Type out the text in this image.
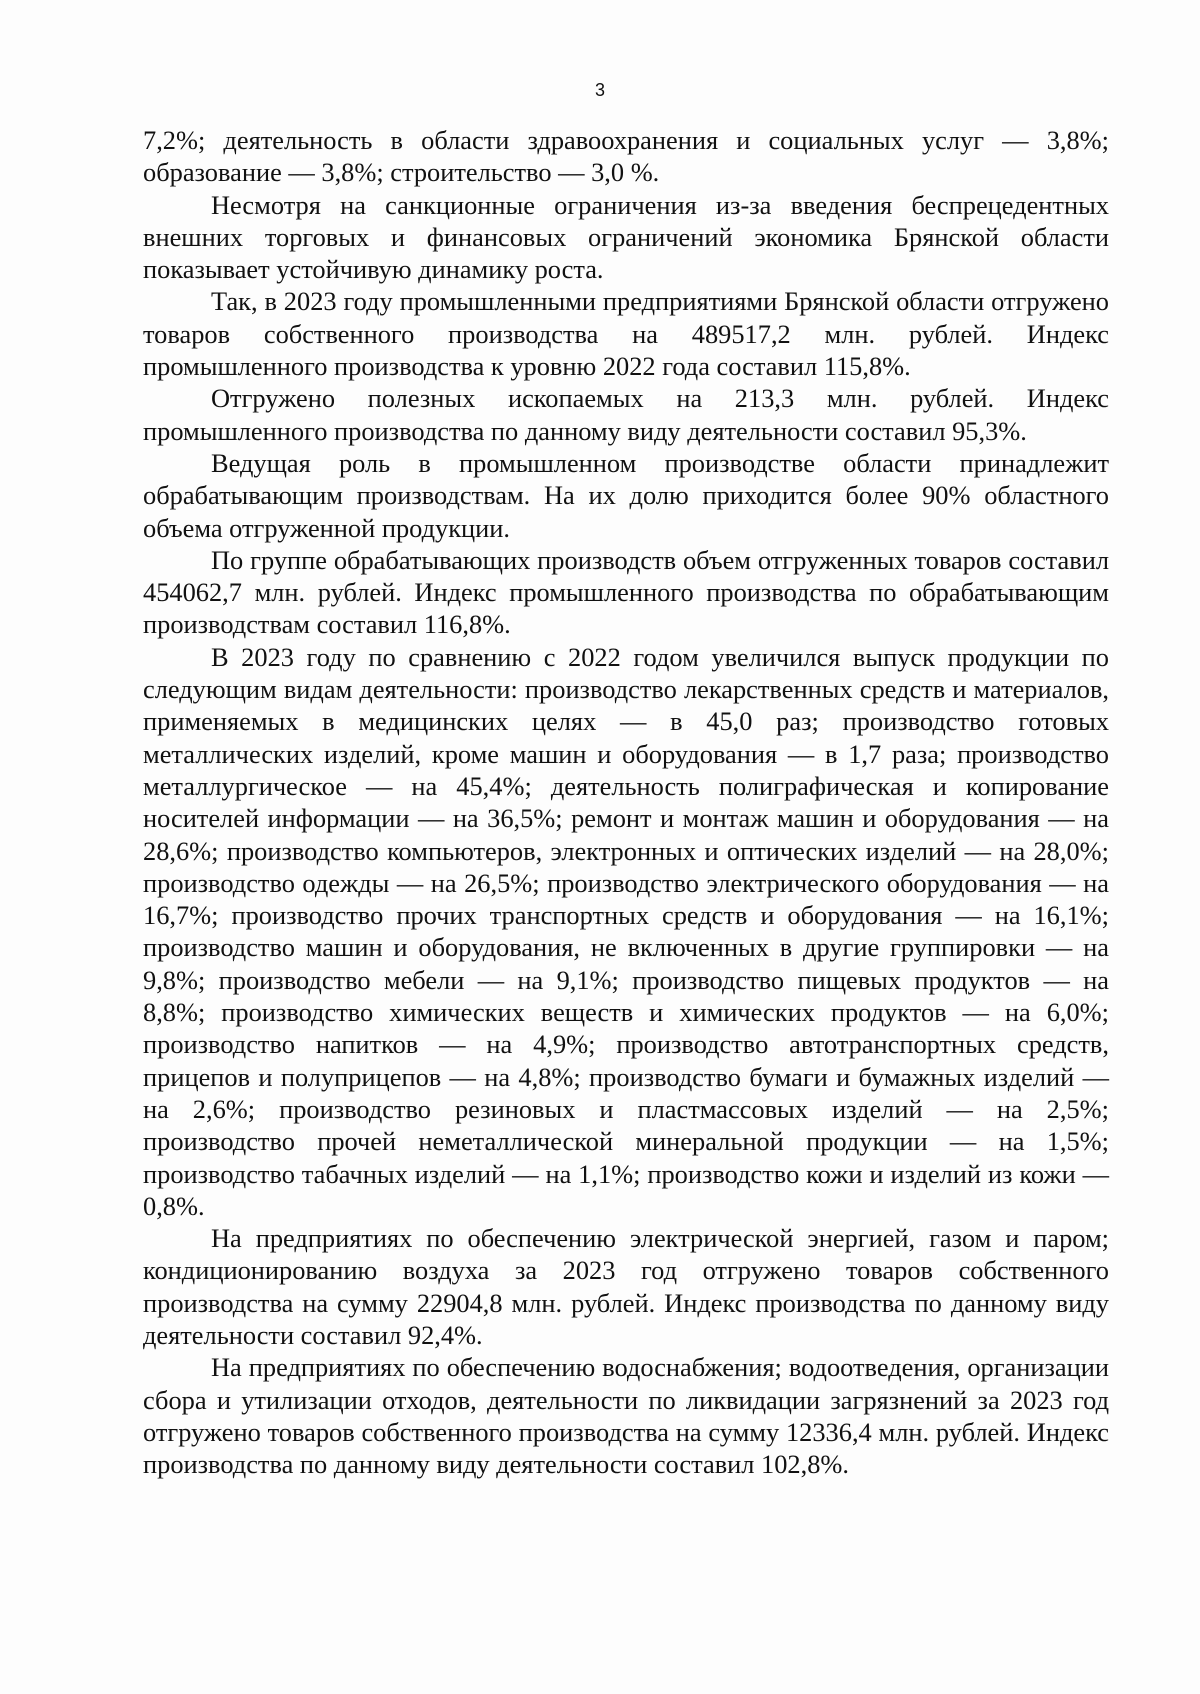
3

7,2%; деятельность в области здравоохранения и социальных услуг — 3,8%; образование — 3,8%; строительство — 3,0 %.

Несмотря на санкционные ограничения из-за введения беспрецедентных внешних торговых и финансовых ограничений экономика Брянской области показывает устойчивую динамику роста.

Так, в 2023 году промышленными предприятиями Брянской области отгружено товаров собственного производства на 489517,2 млн. рублей. Индекс промышленного производства к уровню 2022 года составил 115,8%.

Отгружено полезных ископаемых на 213,3 млн. рублей. Индекс промышленного производства по данному виду деятельности составил 95,3%.

Ведущая роль в промышленном производстве области принадлежит обрабатывающим производствам. На их долю приходится более 90% областного объема отгруженной продукции.

По группе обрабатывающих производств объем отгруженных товаров составил 454062,7 млн. рублей. Индекс промышленного производства по обрабатывающим производствам составил 116,8%.

В 2023 году по сравнению с 2022 годом увеличился выпуск продукции по следующим видам деятельности: производство лекарственных средств и материалов, применяемых в медицинских целях — в 45,0 раз; производство готовых металлических изделий, кроме машин и оборудования — в 1,7 раза; производство металлургическое — на 45,4%; деятельность полиграфическая и копирование носителей информации — на 36,5%; ремонт и монтаж машин и оборудования — на 28,6%; производство компьютеров, электронных и оптических изделий — на 28,0%; производство одежды — на 26,5%; производство электрического оборудования — на 16,7%; производство прочих транспортных средств и оборудования — на 16,1%; производство машин и оборудования, не включенных в другие группировки — на 9,8%; производство мебели — на 9,1%; производство пищевых продуктов — на 8,8%; производство химических веществ и химических продуктов — на 6,0%; производство напитков — на 4,9%; производство автотранспортных средств, прицепов и полуприцепов — на 4,8%; производство бумаги и бумажных изделий — на 2,6%; производство резиновых и пластмассовых изделий — на 2,5%; производство прочей неметаллической минеральной продукции — на 1,5%; производство табачных изделий — на 1,1%; производство кожи и изделий из кожи — 0,8%.

На предприятиях по обеспечению электрической энергией, газом и паром; кондиционированию воздуха за 2023 год отгружено товаров собственного производства на сумму 22904,8 млн. рублей. Индекс производства по данному виду деятельности составил 92,4%.

На предприятиях по обеспечению водоснабжения; водоотведения, организации сбора и утилизации отходов, деятельности по ликвидации загрязнений за 2023 год отгружено товаров собственного производства на сумму 12336,4 млн. рублей. Индекс производства по данному виду деятельности составил 102,8%.
